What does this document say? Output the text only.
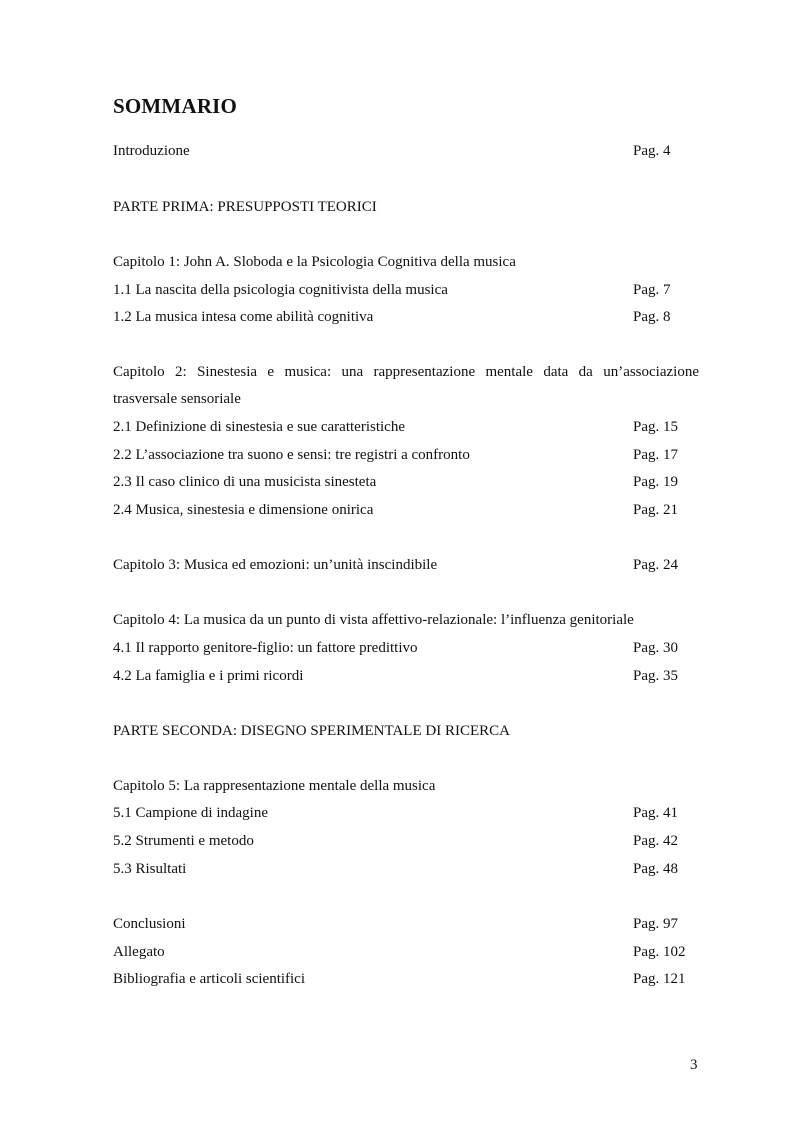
SOMMARIO
Introduzione	Pag. 4
PARTE PRIMA: PRESUPPOSTI TEORICI
Capitolo 1: John A. Sloboda e la Psicologia Cognitiva della musica
1.1 La nascita della psicologia cognitivista della musica	Pag. 7
1.2 La musica intesa come abilità cognitiva	Pag. 8
Capitolo 2: Sinestesia e musica: una rappresentazione mentale data da un’associazione
trasversale sensoriale
2.1 Definizione di sinestesia e sue caratteristiche	Pag. 15
2.2 L’associazione tra suono e sensi: tre registri a confronto	Pag. 17
2.3 Il caso clinico di una musicista sinesteta	Pag. 19
2.4 Musica, sinestesia e dimensione onirica	Pag. 21
Capitolo 3: Musica ed emozioni: un’unità inscindibile	Pag. 24
Capitolo 4: La musica da un punto di vista affettivo-relazionale: l’influenza genitoriale
4.1 Il rapporto genitore-figlio: un fattore predittivo	Pag. 30
4.2 La famiglia e i primi ricordi	Pag. 35
PARTE SECONDA: DISEGNO SPERIMENTALE DI RICERCA
Capitolo 5: La rappresentazione mentale della musica
5.1 Campione di indagine	Pag. 41
5.2 Strumenti e metodo	Pag. 42
5.3 Risultati	Pag. 48
Conclusioni	Pag. 97
Allegato	Pag. 102
Bibliografia e articoli scientifici	Pag. 121
3
